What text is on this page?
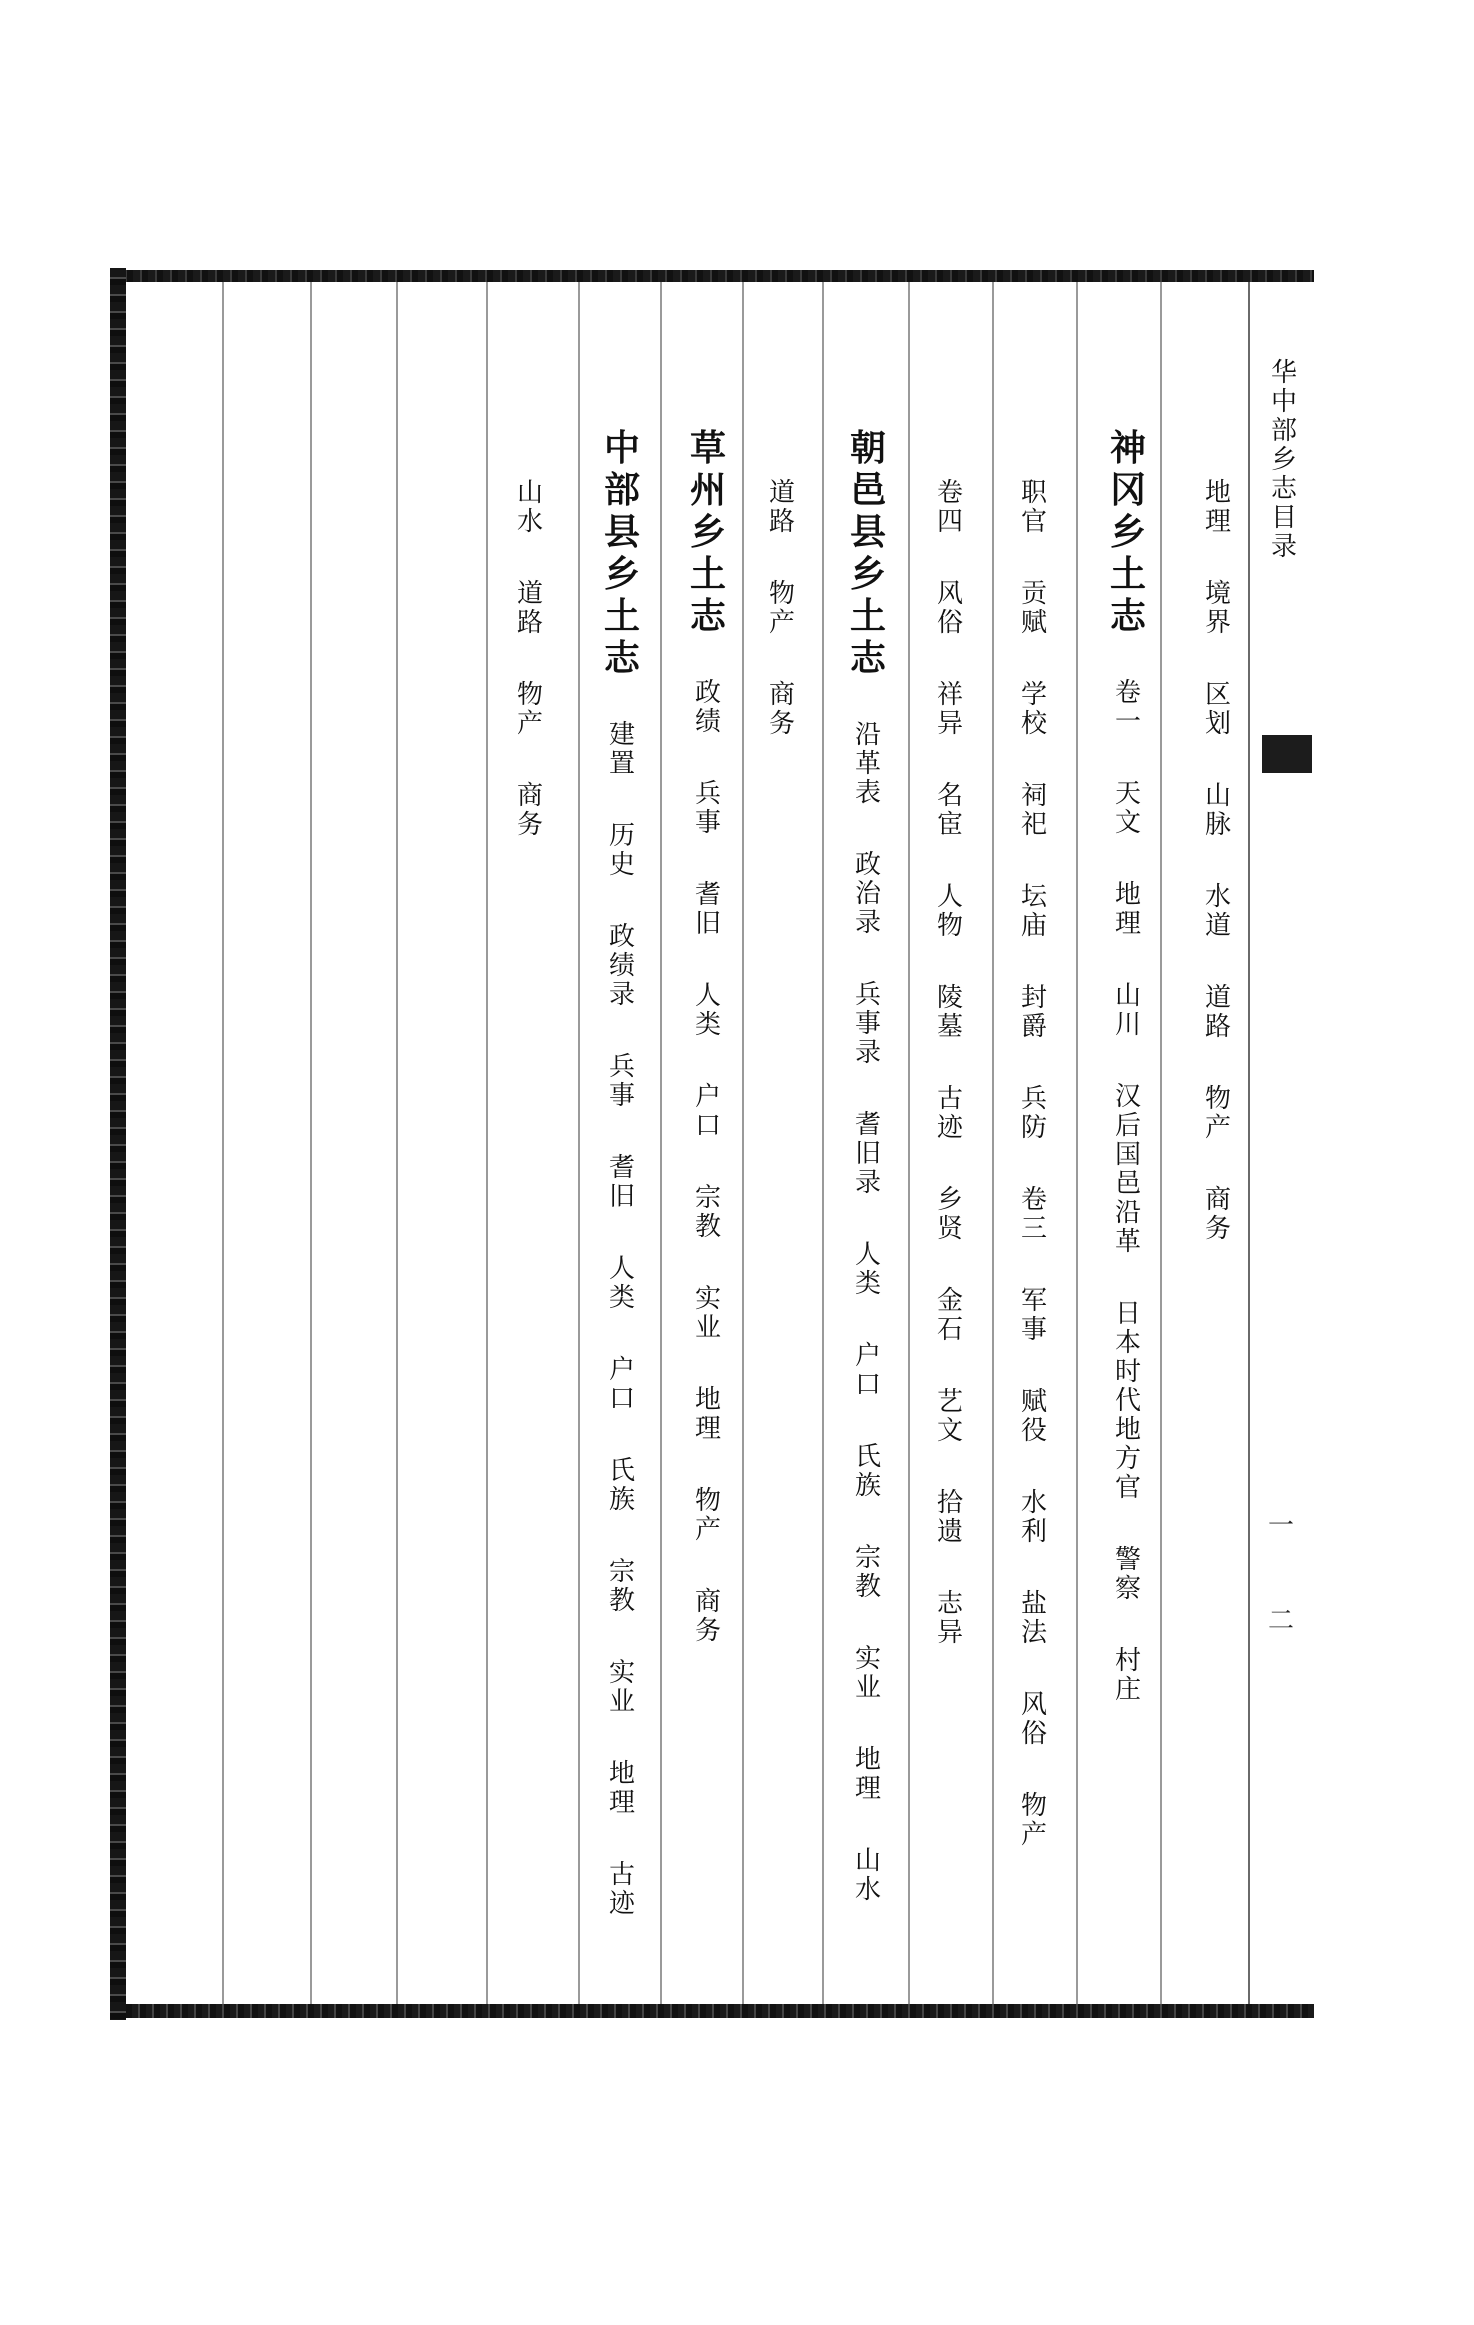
一
二
华
中
部
乡
志
目
录
地
理
境
界
区
划
山
脉
水
道
道
路
物
产
商
务
神
冈
乡
土
志
卷
一
天
文
地
理
山
川
汉
后
国
邑
沿
革
日
本
时
代
地
方
官
警
察
村
庄
职
官
贡
赋
学
校
祠
祀
坛
庙
封
爵
兵
防
卷
三
军
事
赋
役
水
利
盐
法
风
俗
物
产
卷
四
风
俗
祥
异
名
宦
人
物
陵
墓
古
迹
乡
贤
金
石
艺
文
拾
遗
志
异
朝
邑
县
乡
土
志
沿
革
表
政
治
录
兵
事
录
耆
旧
录
人
类
户
口
氏
族
宗
教
实
业
地
理
山
水
道
路
物
产
商
务
草
州
乡
土
志
政
绩
兵
事
耆
旧
人
类
户
口
宗
教
实
业
地
理
物
产
商
务
中
部
县
乡
土
志
建
置
历
史
政
绩
录
兵
事
耆
旧
人
类
户
口
氏
族
宗
教
实
业
地
理
古
迹
山
水
道
路
物
产
商
务
